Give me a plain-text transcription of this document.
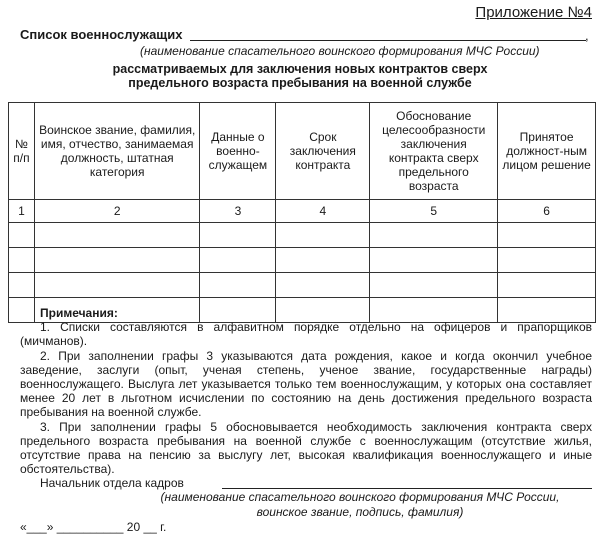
Приложение №4
Список военнослужащих	,
(наименование спасательного воинского формирования МЧС России)
рассматриваемых для заключения новых контрактов сверх
предельного возраста пребывания на военной службе
№ п/п	Воинское звание, фамилия, имя, отчество, занимаемая должность, штатная категория	Данные о военно-служащем	Срок заключения контракта	Обоснование целесообразности заключения контракта сверх предельного возраста	Принятое должност-ным лицом решение
1	2	3	4	5	6

Примечания:

1. Списки составляются в алфавитном порядке отдельно на офицеров и прапорщиков (мичманов).

2. При заполнении графы 3 указываются дата рождения, какое и когда окончил учебное заведение, заслуги (опыт, ученая степень, ученое звание, государственные награды) военнослужащего. Выслуга лет указывается только тем военнослужащим, у которых она составляет менее 20 лет в льготном исчислении по состоянию на день достижения предельного возраста пребывания на военной службе.

3. При заполнении графы 5 обосновывается необходимость заключения контракта сверх предельного возраста пребывания на военной службе с военнослужащим (отсутствие жилья, отсутствие права на пенсию за выслугу лет, высокая квалификация военнослужащего и иные обстоятельства).

Начальник отдела кадров
(наименование спасательного воинского формирования МЧС России,
воинское звание, подпись, фамилия)
«___» __________ 20 __ г.
